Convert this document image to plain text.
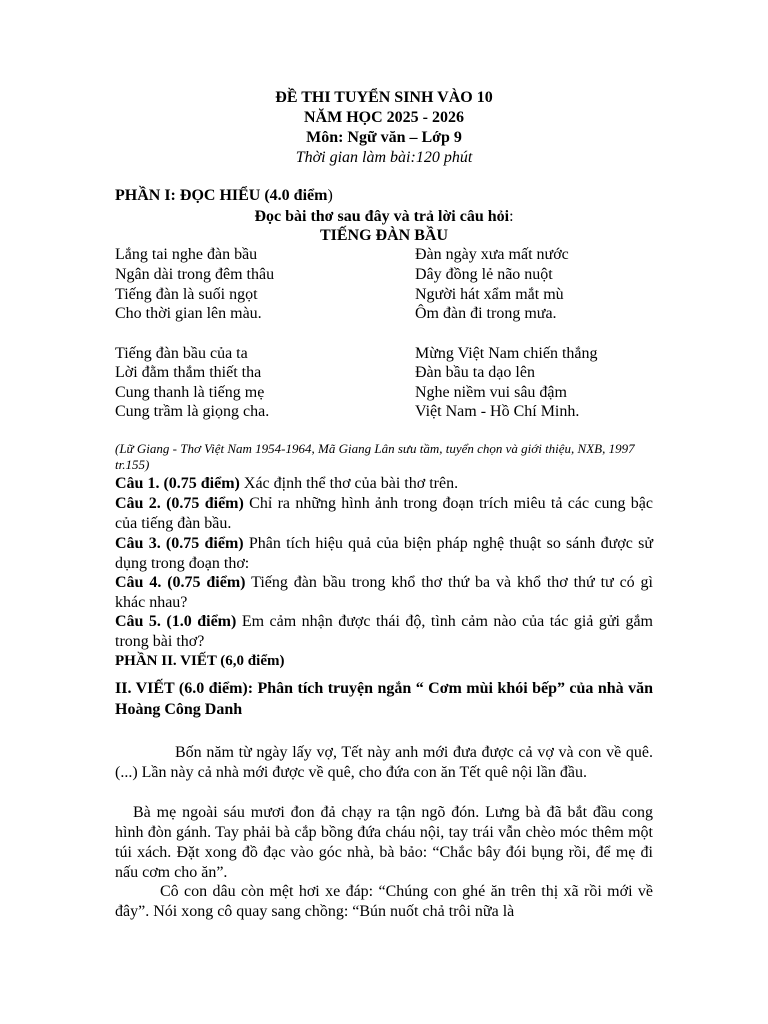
ĐỀ THI TUYỂN SINH VÀO 10
NĂM HỌC 2025 - 2026
Môn: Ngữ văn – Lớp 9
Thời gian làm bài:120 phút
PHẦN I: ĐỌC HIỂU (4.0 điểm)
Đọc bài thơ sau đây và trả lời câu hỏi:
TIẾNG ĐÀN BẦU
Lắng tai nghe đàn bầu
Ngân dài trong đêm thâu
Tiếng đàn là suối ngọt
Cho thời gian lên màu.
Tiếng đàn bầu của ta
Lời đằm thắm thiết tha
Cung thanh là tiếng mẹ
Cung trầm là giọng cha.
Đàn ngày xưa mất nước
Dây đồng lẻ não nuột
Người hát xẩm mắt mù
Ôm đàn đi trong mưa.
Mừng Việt Nam chiến thắng
Đàn bầu ta dạo lên
Nghe niềm vui sâu đậm
Việt Nam - Hồ Chí Minh.
(Lữ Giang - Thơ Việt Nam 1954-1964, Mã Giang Lân sưu tầm, tuyển chọn và giới thiệu, NXB, 1997 tr.155)
Câu 1. (0.75 điểm) Xác định thể thơ của bài thơ trên.
Câu 2. (0.75 điểm) Chỉ ra những hình ảnh trong đoạn trích miêu tả các cung bậc của tiếng đàn bầu.
Câu 3. (0.75 điểm) Phân tích hiệu quả của biện pháp nghệ thuật so sánh được sử dụng trong đoạn thơ:
Câu 4. (0.75 điểm) Tiếng đàn bầu trong khổ thơ thứ ba và khổ thơ thứ tư có gì khác nhau?
Câu 5. (1.0 điểm) Em cảm nhận được thái độ, tình cảm nào của tác giả gửi gắm trong bài thơ?
PHẦN II. VIẾT (6,0 điểm)
II. VIẾT (6.0 điểm): Phân tích truyện ngắn “ Cơm mùi khói bếp” của nhà văn Hoàng Công Danh
Bốn năm từ ngày lấy vợ, Tết này anh mới đưa được cả vợ và con về quê. (...) Lần này cả nhà mới được về quê, cho đứa con ăn Tết quê nội lần đầu.
Bà mẹ ngoài sáu mươi đon đả chạy ra tận ngõ đón. Lưng bà đã bắt đầu cong hình đòn gánh. Tay phải bà cắp bồng đứa cháu nội, tay trái vẫn chèo móc thêm một túi xách. Đặt xong đồ đạc vào góc nhà, bà bảo: “Chắc bây đói bụng rồi, để mẹ đi nấu cơm cho ăn”.
Cô con dâu còn mệt hơi xe đáp: “Chúng con ghé ăn trên thị xã rồi mới về đây”. Nói xong cô quay sang chồng: “Bún nuốt chả trôi nữa là
